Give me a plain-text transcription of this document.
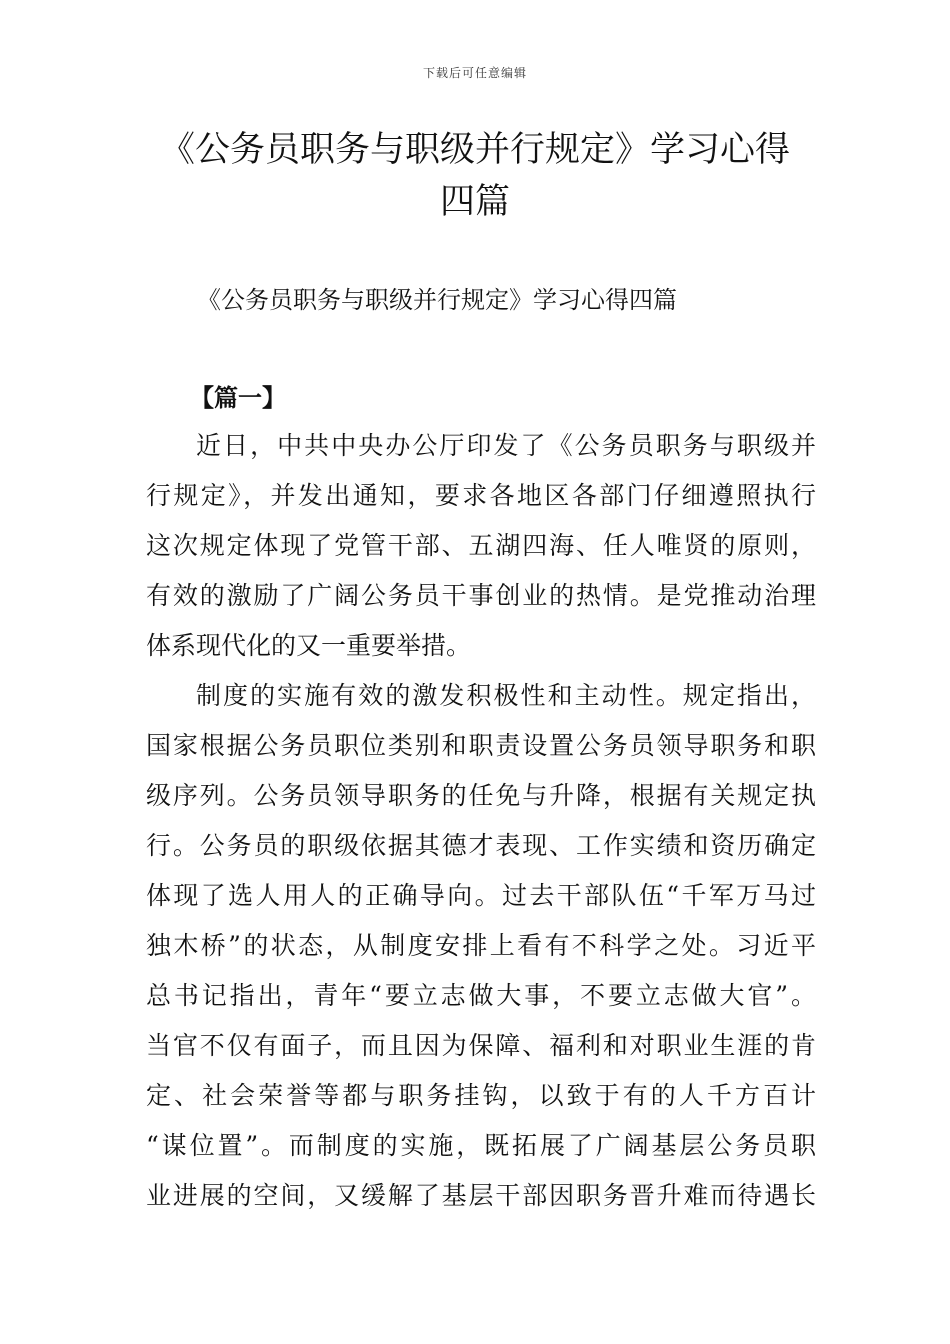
下载后可任意编辑
《公务员职务与职级并行规定》学习心得
四篇
《公务员职务与职级并行规定》学习心得四篇
【篇一】
近日，中共中央办公厅印发了《公务员职务与职级并
行规定》，并发出通知，要求各地区各部门仔细遵照执行
这次规定体现了党管干部、五湖四海、任人唯贤的原则，
有效的激励了广阔公务员干事创业的热情。是党推动治理
体系现代化的又一重要举措。
制度的实施有效的激发积极性和主动性。规定指出，
国家根据公务员职位类别和职责设置公务员领导职务和职
级序列。公务员领导职务的任免与升降，根据有关规定执
行。公务员的职级依据其德才表现、工作实绩和资历确定
体现了选人用人的正确导向。过去干部队伍“千军万马过
独木桥”的状态，从制度安排上看有不科学之处。习近平
总书记指出，青年“要立志做大事，不要立志做大官”。
当官不仅有面子，而且因为保障、福利和对职业生涯的肯
定、社会荣誉等都与职务挂钩，以致于有的人千方百计
“谋位置”。而制度的实施，既拓展了广阔基层公务员职
业进展的空间，又缓解了基层干部因职务晋升难而待遇长
